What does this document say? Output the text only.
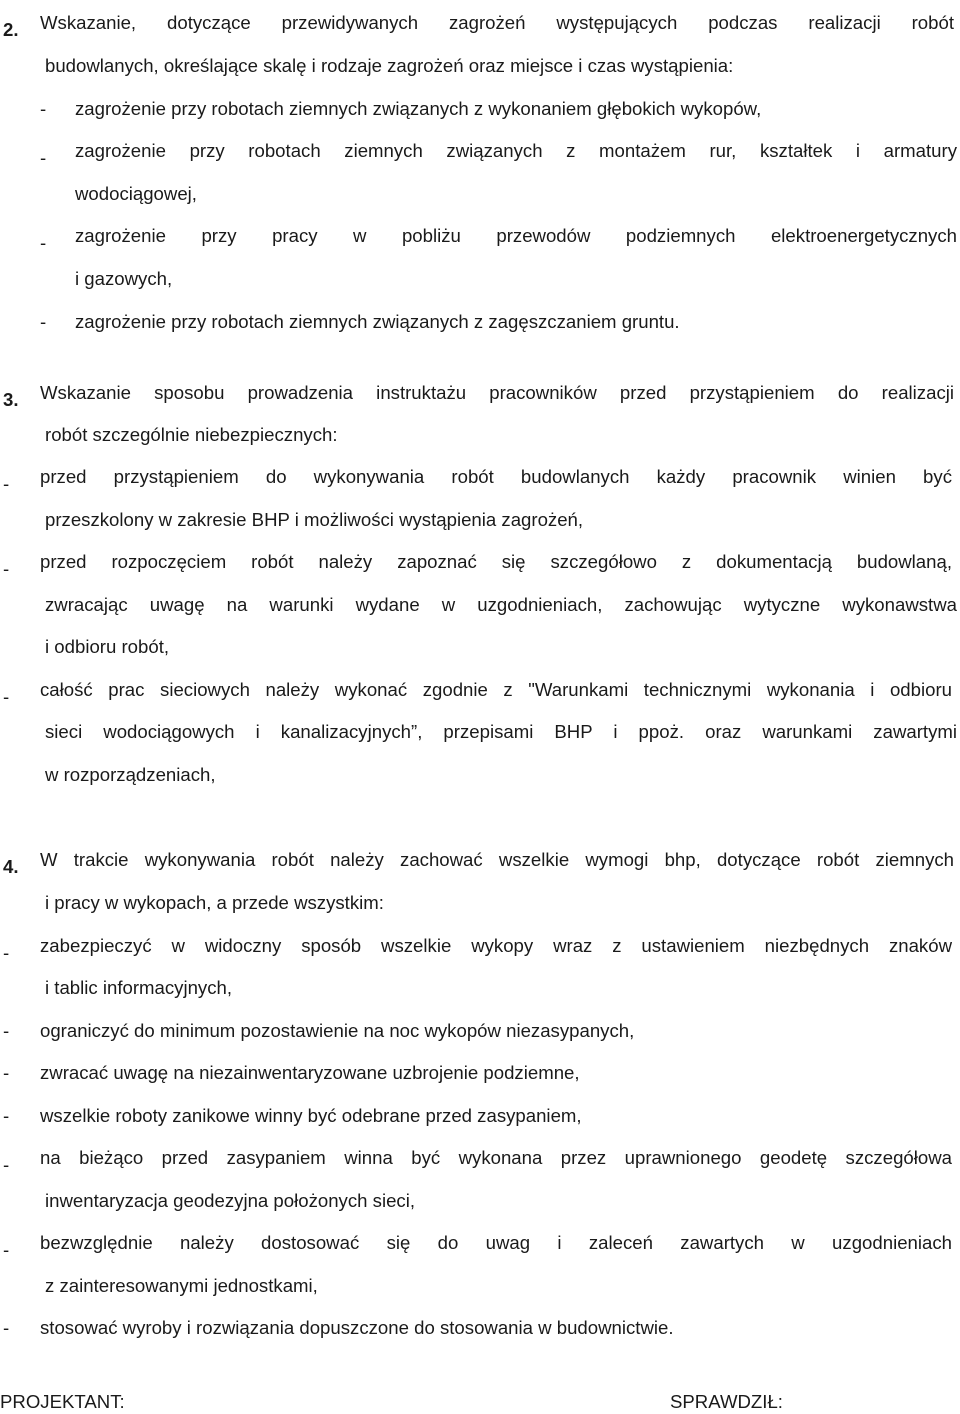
2. Wskazanie, dotyczące przewidywanych zagrożeń występujących podczas realizacji robót
budowlanych, określające skalę i rodzaje zagrożeń oraz miejsce i czas wystąpienia:
- zagrożenie przy robotach ziemnych związanych z wykonaniem głębokich wykopów,
- zagrożenie przy robotach ziemnych związanych z montażem rur, kształtek i armatury
wodociągowej,
- zagrożenie przy pracy w pobliżu przewodów podziemnych elektroenergetycznych
i gazowych,
- zagrożenie przy robotach ziemnych związanych z zagęszczaniem gruntu.
3. Wskazanie sposobu prowadzenia instruktażu pracowników przed przystąpieniem do realizacji
robót szczególnie niebezpiecznych:
- przed przystąpieniem do wykonywania robót budowlanych każdy pracownik winien być
przeszkolony w zakresie BHP i możliwości wystąpienia zagrożeń,
- przed rozpoczęciem robót należy zapoznać się szczegółowo z dokumentacją budowlaną,
zwracając uwagę na warunki wydane w uzgodnieniach, zachowując wytyczne wykonawstwa
i odbioru robót,
- całość prac sieciowych należy wykonać zgodnie z "Warunkami technicznymi wykonania i odbioru
sieci wodociągowych i kanalizacyjnych”, przepisami BHP i ppoż. oraz warunkami zawartymi
w rozporządzeniach,
4. W trakcie wykonywania robót należy zachować wszelkie wymogi bhp, dotyczące robót ziemnych
i pracy w wykopach, a przede wszystkim:
- zabezpieczyć w widoczny sposób wszelkie wykopy wraz z ustawieniem niezbędnych znaków
i tablic informacyjnych,
- ograniczyć do minimum pozostawienie na noc wykopów niezasypanych,
- zwracać uwagę na niezainwentaryzowane uzbrojenie podziemne,
- wszelkie roboty zanikowe winny być odebrane przed zasypaniem,
- na bieżąco przed zasypaniem winna być wykonana przez uprawnionego geodetę szczegółowa
inwentaryzacja geodezyjna położonych sieci,
- bezwzględnie należy dostosować się do uwag i zaleceń zawartych w uzgodnieniach
z zainteresowanymi jednostkami,
- stosować wyroby i rozwiązania dopuszczone do stosowania w budownictwie.
PROJEKTANT:	SPRAWDZIŁ:
